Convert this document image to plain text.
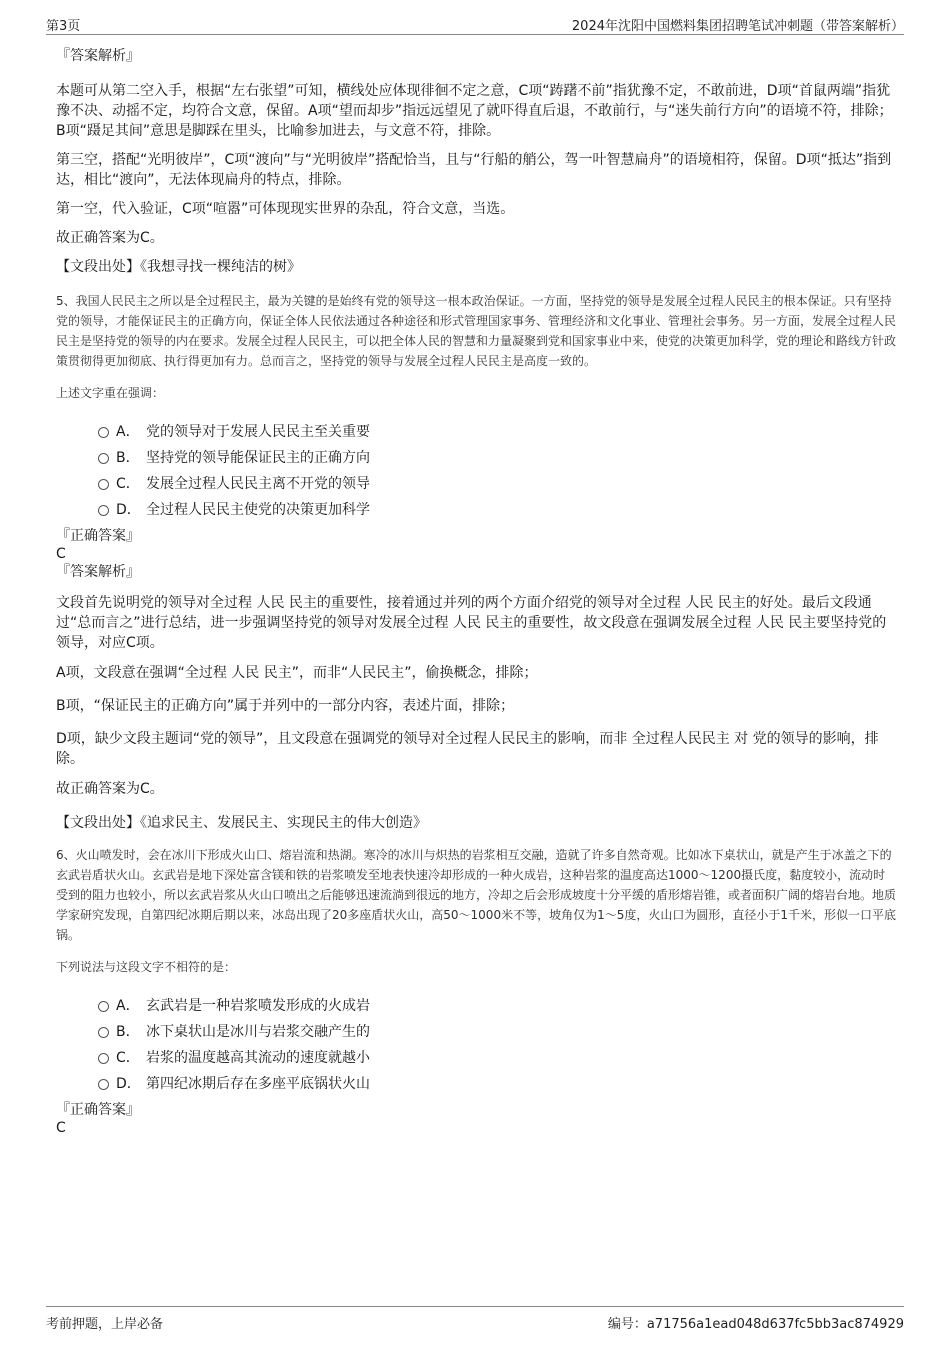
第3页	2024年沈阳中国燃料集团招聘笔试冲刺题（带答案解析）

『答案解析』

本题可从第二空入手，根据“左右张望”可知，横线处应体现徘徊不定之意，C项“踌躇不前”指犹豫不定，不敢前进，D项“首鼠两端”指犹豫不决、动摇不定，均符合文意，保留。A项“望而却步”指远远望见了就吓得直后退，不敢前行，与“迷失前行方向”的语境不符，排除；B项“蹑足其间”意思是脚踩在里头，比喻参加进去，与文意不符，排除。

第三空，搭配“光明彼岸”，C项“渡向”与“光明彼岸”搭配恰当，且与“行船的艄公，驾一叶智慧扁舟”的语境相符，保留。D项“抵达”指到达，相比“渡向”，无法体现扁舟的特点，排除。

第一空，代入验证，C项“喧嚣”可体现现实世界的杂乱，符合文意，当选。

故正确答案为C。

【文段出处】《我想寻找一棵纯洁的树》

5、我国人民民主之所以是全过程民主，最为关键的是始终有党的领导这一根本政治保证。一方面，坚持党的领导是发展全过程人民民主的根本保证。只有坚持党的领导，才能保证民主的正确方向，保证全体人民依法通过各种途径和形式管理国家事务、管理经济和文化事业、管理社会事务。另一方面，发展全过程人民民主是坚持党的领导的内在要求。发展全过程人民民主，可以把全体人民的智慧和力量凝聚到党和国家事业中来，使党的决策更加科学，党的理论和路线方针政策贯彻得更加彻底、执行得更加有力。总而言之，坚持党的领导与发展全过程人民民主是高度一致的。

上述文字重在强调：

A． 党的领导对于发展人民民主至关重要
B． 坚持党的领导能保证民主的正确方向
C． 发展全过程人民民主离不开党的领导
D． 全过程人民民主使党的决策更加科学

『正确答案』

C

『答案解析』

文段首先说明党的领导对全过程 人民 民主的重要性，接着通过并列的两个方面介绍党的领导对全过程 人民 民主的好处。最后文段通过“总而言之”进行总结，进一步强调坚持党的领导对发展全过程 人民 民主的重要性，故文段意在强调发展全过程 人民 民主要坚持党的领导，对应C项。

A项，文段意在强调“全过程 人民 民主”，而非“人民民主”，偷换概念，排除；

B项，“保证民主的正确方向”属于并列中的一部分内容，表述片面，排除；

D项，缺少文段主题词“党的领导”，且文段意在强调党的领导对全过程人民民主的影响，而非 全过程人民民主 对 党的领导的影响，排除。

故正确答案为C。

【文段出处】《追求民主、发展民主、实现民主的伟大创造》

6、火山喷发时，会在冰川下形成火山口、熔岩流和热湖。寒冷的冰川与炽热的岩浆相互交融，造就了许多自然奇观。比如冰下桌状山，就是产生于冰盖之下的玄武岩盾状火山。玄武岩是地下深处富含镁和铁的岩浆喷发至地表快速冷却形成的一种火成岩，这种岩浆的温度高达1000～1200摄氏度，黏度较小，流动时受到的阻力也较小，所以玄武岩浆从火山口喷出之后能够迅速流淌到很远的地方，冷却之后会形成坡度十分平缓的盾形熔岩锥，或者面积广阔的熔岩台地。地质学家研究发现，自第四纪冰期后期以来，冰岛出现了20多座盾状火山，高50～1000米不等，坡角仅为1～5度，火山口为圆形，直径小于1千米，形似一口平底锅。

下列说法与这段文字不相符的是：

A． 玄武岩是一种岩浆喷发形成的火成岩
B． 冰下桌状山是冰川与岩浆交融产生的
C． 岩浆的温度越高其流动的速度就越小
D． 第四纪冰期后存在多座平底锅状火山

『正确答案』

C

考前押题，上岸必备	编号：a71756a1ead048d637fc5bb3ac874929
